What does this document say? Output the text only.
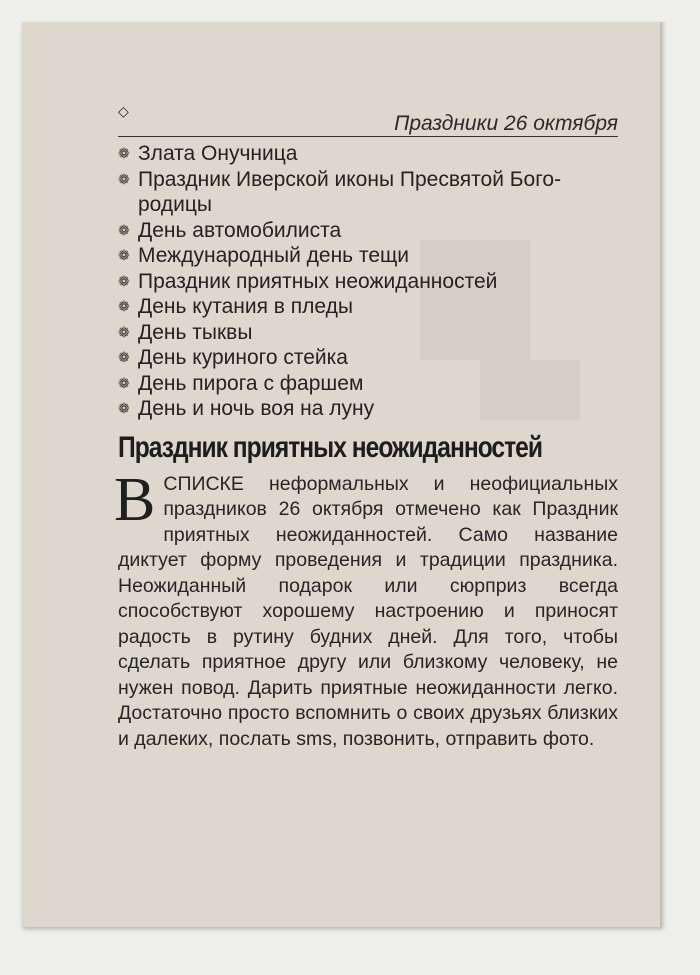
◇
Праздники 26 октября
❁ Злата Онучница
❁ Праздник Иверской иконы Пресвятой Бого-родицы
❁ День автомобилиста
❁ Международный день тещи
❁ Праздник приятных неожиданностей
❁ День кутания в пледы
❁ День тыквы
❁ День куриного стейка
❁ День пирога с фаршем
❁ День и ночь воя на луну
Праздник приятных неожиданностей
ВСПИСКЕ неформальных и неофициальных праздников 26 октября отмечено как Праздник приятных неожиданностей. Само название диктует форму проведения и традиции праздника. Неожиданный подарок или сюрприз всегда способствуют хорошему настроению и приносят радость в рутину будних дней. Для того, чтобы сделать приятное другу или близкому человеку, не нужен повод. Дарить приятные неожиданности легко. Достаточно просто вспомнить о своих друзьях близких и далеких, послать sms, позвонить, отправить фото.
